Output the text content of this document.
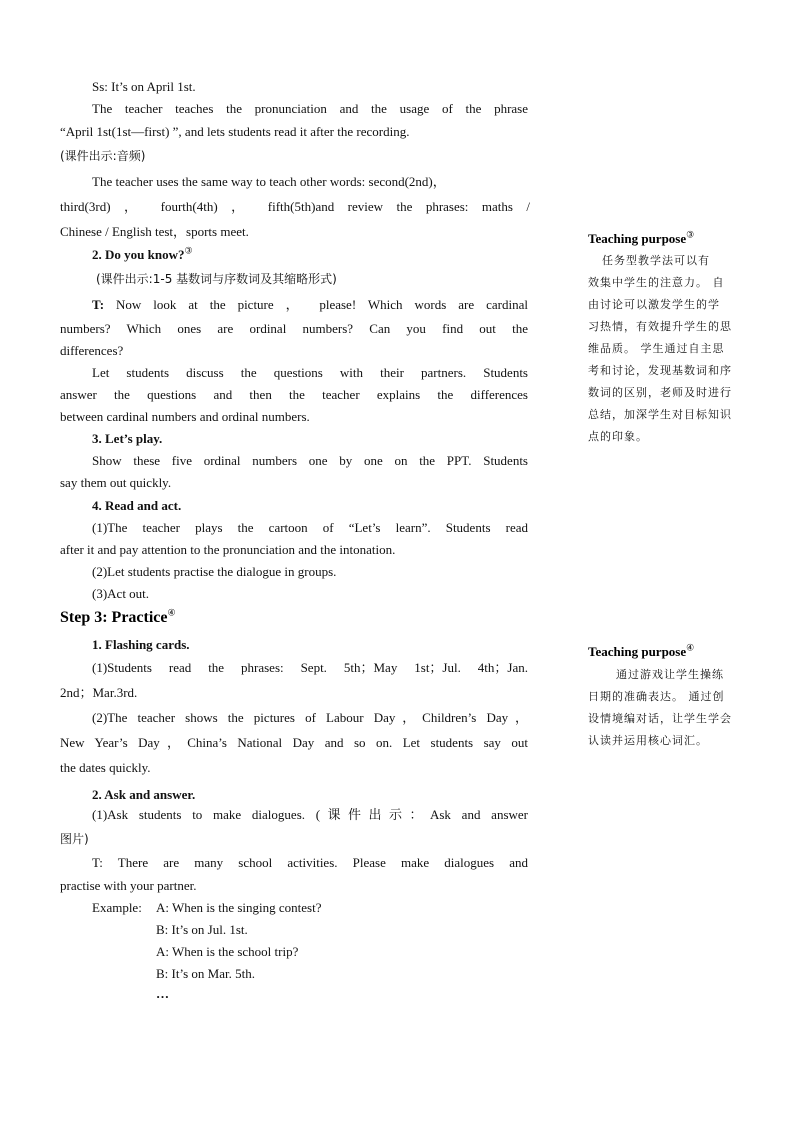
Ss: It’s on April 1st.
The teacher teaches the pronunciation and the usage of the phrase
“April 1st(1st—first) ”, and lets students read it after the recording.
(课件出示:音频)
The teacher uses the same way to teach other words: second(2nd)，
third(3rd) ， fourth(4th) ， fifth(5th)and review the phrases: maths /
Chinese / English test，sports meet.
2. Do you know?③
(课件出示:1-5 基数词与序数词及其缩略形式)
T: Now look at the picture ， please! Which words are cardinal
numbers? Which ones are ordinal numbers? Can you find out the
differences?
Let students discuss the questions with their partners. Students
answer the questions and then the teacher explains the differences
between cardinal numbers and ordinal numbers.
3. Let’s play.
Show these five ordinal numbers one by one on the PPT. Students
say them out quickly.
4. Read and act.
(1)The teacher plays the cartoon of “Let’s learn”. Students read
after it and pay attention to the pronunciation and the intonation.
(2)Let students practise the dialogue in groups.
(3)Act out.
Step 3: Practice④
1. Flashing cards.
(1)Students read the phrases: Sept. 5th；May 1st；Jul. 4th；Jan.
2nd；Mar.3rd.
(2)The teacher shows the pictures of Labour Day，Children’s Day，
New Year’s Day，China’s National Day and so on. Let students say out
the dates quickly.
2. Ask and answer.
(1)Ask students to make dialogues. (课件出示：Ask and answer
图片)
T: There are many school activities. Please make dialogues and
practise with your partner.
Example: A: When is the singing contest?
B: It’s on Jul. 1st.
A: When is the school trip?
B: It’s on Mar. 5th.
…
Teaching purpose③
任务型教学法可以有
效集中学生的注意力。 自
由讨论可以激发学生的学
习热情，有效提升学生的思
维品质。 学生通过自主思
考和讨论，发现基数词和序
数词的区别，老师及时进行
总结，加深学生对目标知识
点的印象。
Teaching purpose④
通过游戏让学生操练
日期的准确表达。 通过创
设情境编对话，让学生学会
认读并运用核心词汇。
